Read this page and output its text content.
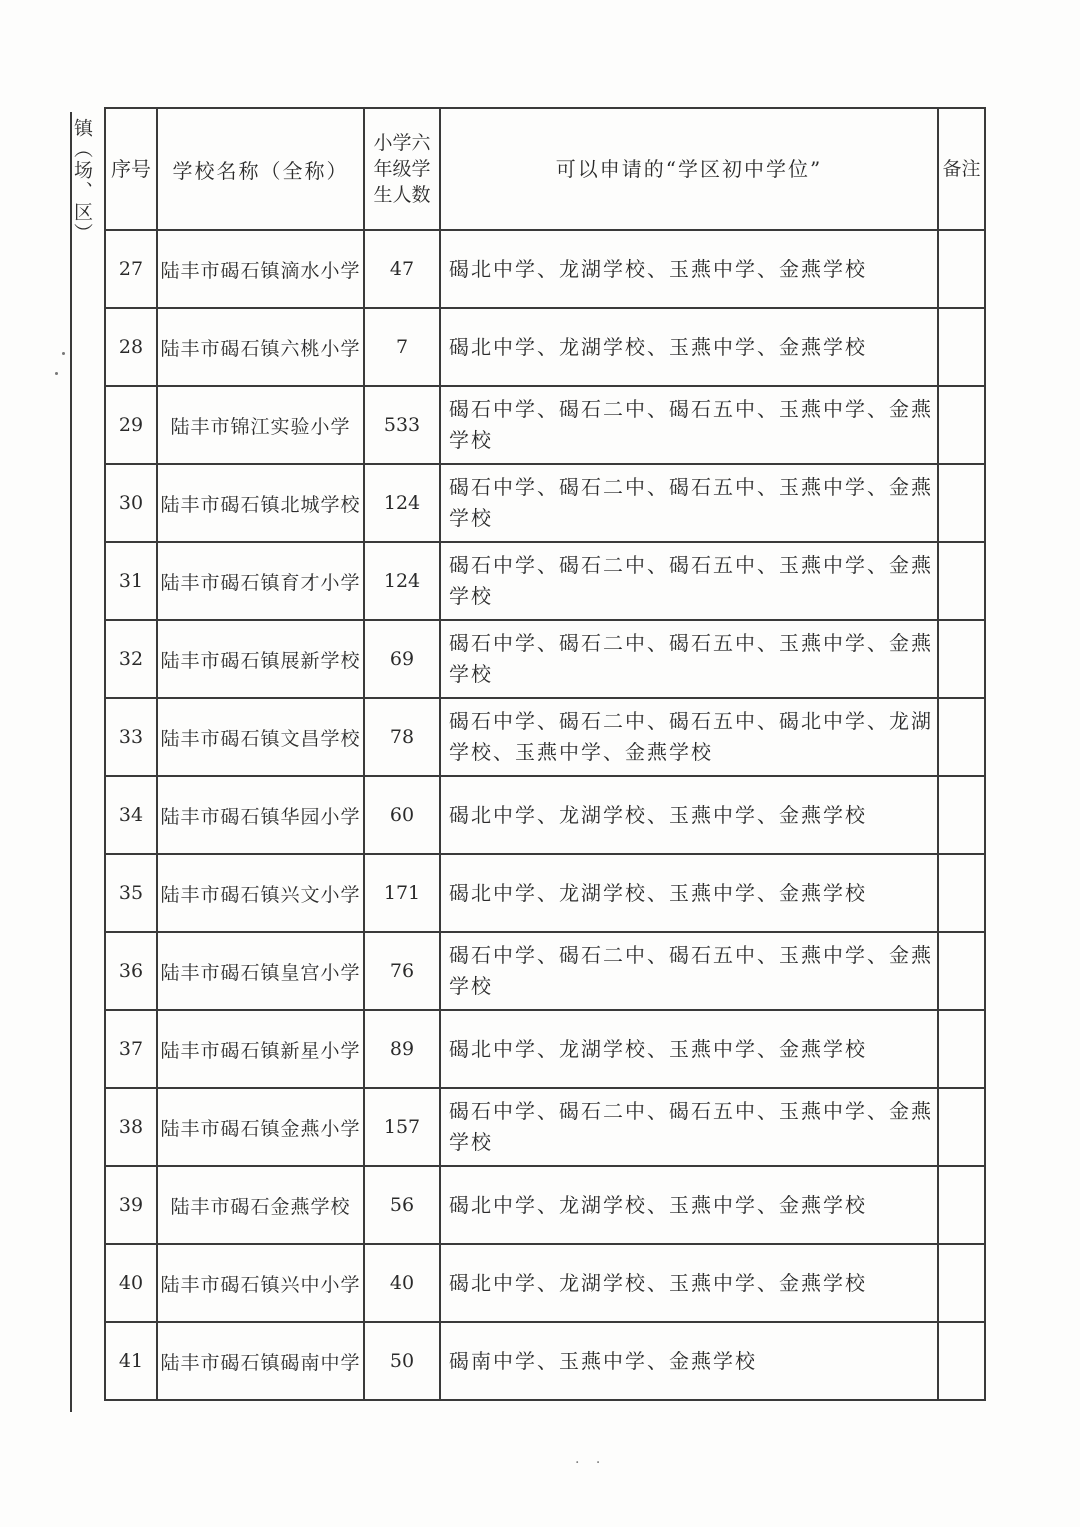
镇（场、区） 序号	学校名称（全称）	小学六年级学生人数	可以申请的“学区初中学位”	备注
27	陆丰市碣石镇滴水小学	47	碣北中学、龙湖学校、玉燕中学、金燕学校	
28	陆丰市碣石镇六桃小学	7	碣北中学、龙湖学校、玉燕中学、金燕学校	
29	陆丰市锦江实验小学	533	碣石中学、碣石二中、碣石五中、玉燕中学、金燕学校	
30	陆丰市碣石镇北城学校	124	碣石中学、碣石二中、碣石五中、玉燕中学、金燕学校	
31	陆丰市碣石镇育才小学	124	碣石中学、碣石二中、碣石五中、玉燕中学、金燕学校	
32	陆丰市碣石镇展新学校	69	碣石中学、碣石二中、碣石五中、玉燕中学、金燕学校	
33	陆丰市碣石镇文昌学校	78	碣石中学、碣石二中、碣石五中、碣北中学、龙湖学校、玉燕中学、金燕学校	
34	陆丰市碣石镇华园小学	60	碣北中学、龙湖学校、玉燕中学、金燕学校	
35	陆丰市碣石镇兴文小学	171	碣北中学、龙湖学校、玉燕中学、金燕学校	
36	陆丰市碣石镇皇宫小学	76	碣石中学、碣石二中、碣石五中、玉燕中学、金燕学校	
37	陆丰市碣石镇新星小学	89	碣北中学、龙湖学校、玉燕中学、金燕学校	
38	陆丰市碣石镇金燕小学	157	碣石中学、碣石二中、碣石五中、玉燕中学、金燕学校	
39	陆丰市碣石金燕学校	56	碣北中学、龙湖学校、玉燕中学、金燕学校	
40	陆丰市碣石镇兴中小学	40	碣北中学、龙湖学校、玉燕中学、金燕学校	
41	陆丰市碣石镇碣南中学	50	碣南中学、玉燕中学、金燕学校	
· ·
